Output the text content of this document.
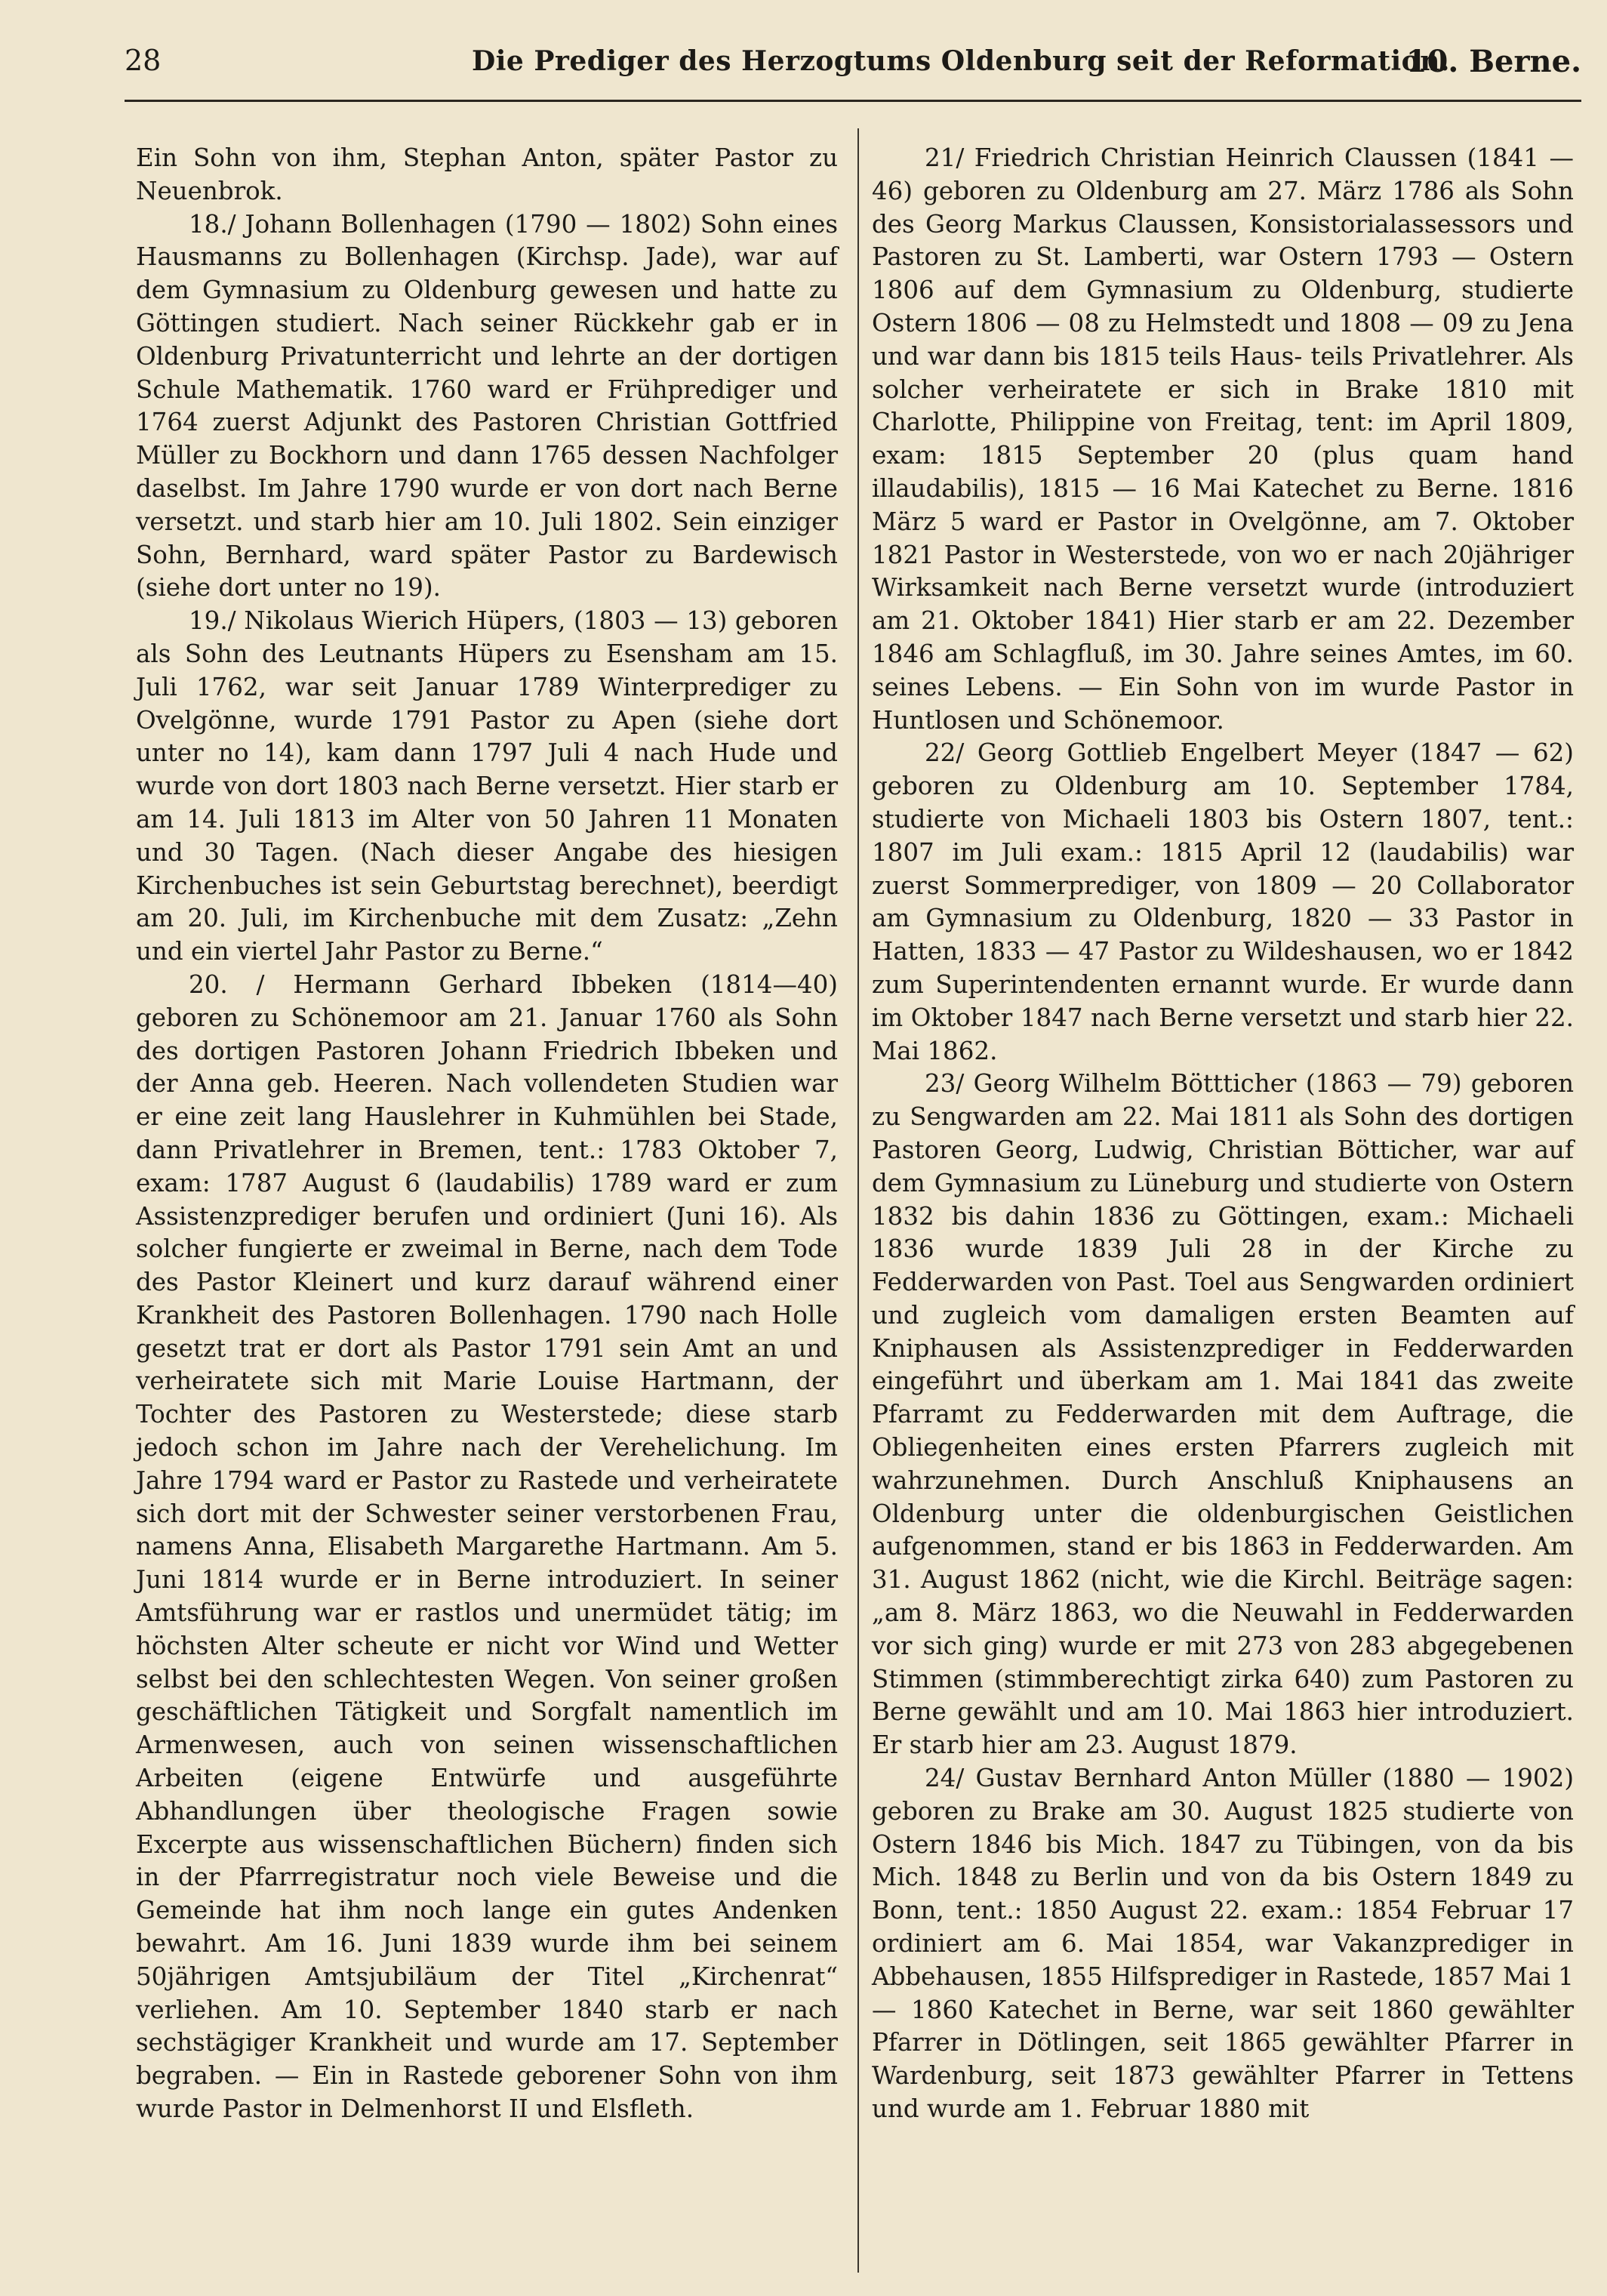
28	Die Prediger des Herzogtums Oldenburg seit der Reformation.
10. Berne.

Ein Sohn von ihm, Stephan Anton, später Pastor zu Neuenbrok.

18./ Johann Bollenhagen (1790 — 1802) Sohn eines Hausmanns zu Bollenhagen (Kirchsp. Jade), war auf dem Gymnasium zu Oldenburg gewesen und hatte zu Göttingen studiert. Nach seiner Rückkehr gab er in Oldenburg Privatunterricht und lehrte an der dortigen Schule Mathematik. 1760 ward er Frühprediger und 1764 zuerst Adjunkt des Pastoren Christian Gottfried Müller zu Bockhorn und dann 1765 dessen Nachfolger daselbst. Im Jahre 1790 wurde er von dort nach Berne versetzt. und starb hier am 10. Juli 1802. Sein einziger Sohn, Bernhard, ward später Pastor zu Bardewisch (siehe dort unter no 19).

19./ Nikolaus Wierich Hüpers, (1803 — 13) geboren als Sohn des Leutnants Hüpers zu Esensham am 15. Juli 1762, war seit Januar 1789 Winterprediger zu Ovelgönne, wurde 1791 Pastor zu Apen (siehe dort unter no 14), kam dann 1797 Juli 4 nach Hude und wurde von dort 1803 nach Berne versetzt. Hier starb er am 14. Juli 1813 im Alter von 50 Jahren 11 Monaten und 30 Tagen. (Nach dieser Angabe des hiesigen Kirchenbuches ist sein Geburtstag berechnet), beerdigt am 20. Juli, im Kirchenbuche mit dem Zusatz: „Zehn und ein viertel Jahr Pastor zu Berne.“

20. / Hermann Gerhard Ibbeken (1814—40) geboren zu Schönemoor am 21. Januar 1760 als Sohn des dortigen Pastoren Johann Friedrich Ibbeken und der Anna geb. Heeren. Nach vollendeten Studien war er eine zeit lang Hauslehrer in Kuhmühlen bei Stade, dann Privatlehrer in Bremen, tent.: 1783 Oktober 7, exam: 1787 August 6 (laudabilis) 1789 ward er zum Assistenzprediger berufen und ordiniert (Juni 16). Als solcher fungierte er zweimal in Berne, nach dem Tode des Pastor Kleinert und kurz darauf während einer Krankheit des Pastoren Bollenhagen. 1790 nach Holle gesetzt trat er dort als Pastor 1791 sein Amt an und verheiratete sich mit Marie Louise Hartmann, der Tochter des Pastoren zu Westerstede; diese starb jedoch schon im Jahre nach der Verehelichung. Im Jahre 1794 ward er Pastor zu Rastede und verheiratete sich dort mit der Schwester seiner verstorbenen Frau, namens Anna, Elisabeth Margarethe Hartmann. Am 5. Juni 1814 wurde er in Berne introduziert. In seiner Amtsführung war er rastlos und unermüdet tätig; im höchsten Alter scheute er nicht vor Wind und Wetter selbst bei den schlechtesten Wegen. Von seiner großen geschäftlichen Tätigkeit und Sorgfalt namentlich im Armenwesen, auch von seinen wissenschaftlichen Arbeiten (eigene Entwürfe und ausgeführte Abhandlungen über theologische Fragen sowie Excerpte aus wissenschaftlichen Büchern) finden sich in der Pfarrregistratur noch viele Beweise und die Gemeinde hat ihm noch lange ein gutes Andenken bewahrt. Am 16. Juni 1839 wurde ihm bei seinem 50jährigen Amtsjubiläum der Titel „Kirchenrat“ verliehen. Am 10. September 1840 starb er nach sechstägiger Krankheit und wurde am 17. September begraben. — Ein in Rastede geborener Sohn von ihm wurde Pastor in Delmenhorst II und Elsfleth.

21/ Friedrich Christian Heinrich Claussen (1841 — 46) geboren zu Oldenburg am 27. März 1786 als Sohn des Georg Markus Claussen, Konsistorialassessors und Pastoren zu St. Lamberti, war Ostern 1793 — Ostern 1806 auf dem Gymnasium zu Oldenburg, studierte Ostern 1806 — 08 zu Helmstedt und 1808 — 09 zu Jena und war dann bis 1815 teils Haus- teils Privatlehrer. Als solcher verheiratete er sich in Brake 1810 mit Charlotte, Philippine von Freitag, tent: im April 1809, exam: 1815 September 20 (plus quam hand illaudabilis), 1815 — 16 Mai Katechet zu Berne. 1816 März 5 ward er Pastor in Ovelgönne, am 7. Oktober 1821 Pastor in Westerstede, von wo er nach 20jähriger Wirksamkeit nach Berne versetzt wurde (introduziert am 21. Oktober 1841) Hier starb er am 22. Dezember 1846 am Schlagfluß, im 30. Jahre seines Amtes, im 60. seines Lebens. — Ein Sohn von im wurde Pastor in Huntlosen und Schönemoor.

22/ Georg Gottlieb Engelbert Meyer (1847 — 62) geboren zu Oldenburg am 10. September 1784, studierte von Michaeli 1803 bis Ostern 1807, tent.: 1807 im Juli exam.: 1815 April 12 (laudabilis) war zuerst Sommerprediger, von 1809 — 20 Collaborator am Gymnasium zu Oldenburg, 1820 — 33 Pastor in Hatten, 1833 — 47 Pastor zu Wildeshausen, wo er 1842 zum Superintendenten ernannt wurde. Er wurde dann im Oktober 1847 nach Berne versetzt und starb hier 22. Mai 1862.

23/ Georg Wilhelm Böttticher (1863 — 79) geboren zu Sengwarden am 22. Mai 1811 als Sohn des dortigen Pastoren Georg, Ludwig, Christian Bötticher, war auf dem Gymnasium zu Lüneburg und studierte von Ostern 1832 bis dahin 1836 zu Göttingen, exam.: Michaeli 1836 wurde 1839 Juli 28 in der Kirche zu Fedderwarden von Past. Toel aus Sengwarden ordiniert und zugleich vom damaligen ersten Beamten auf Kniphausen als Assistenzprediger in Fedderwarden eingeführt und überkam am 1. Mai 1841 das zweite Pfarramt zu Fedderwarden mit dem Auftrage, die Obliegenheiten eines ersten Pfarrers zugleich mit wahrzunehmen. Durch Anschluß Kniphausens an Oldenburg unter die oldenburgischen Geistlichen aufgenommen, stand er bis 1863 in Fedderwarden. Am 31. August 1862 (nicht, wie die Kirchl. Beiträge sagen: „am 8. März 1863, wo die Neuwahl in Fedderwarden vor sich ging) wurde er mit 273 von 283 abgegebenen Stimmen (stimmberechtigt zirka 640) zum Pastoren zu Berne gewählt und am 10. Mai 1863 hier introduziert. Er starb hier am 23. August 1879.

24/ Gustav Bernhard Anton Müller (1880 — 1902) geboren zu Brake am 30. August 1825 studierte von Ostern 1846 bis Mich. 1847 zu Tübingen, von da bis Mich. 1848 zu Berlin und von da bis Ostern 1849 zu Bonn, tent.: 1850 August 22. exam.: 1854 Februar 17 ordiniert am 6. Mai 1854, war Vakanzprediger in Abbehausen, 1855 Hilfsprediger in Rastede, 1857 Mai 1 — 1860 Katechet in Berne, war seit 1860 gewählter Pfarrer in Dötlingen, seit 1865 gewählter Pfarrer in Wardenburg, seit 1873 gewählter Pfarrer in Tettens und wurde am 1. Februar 1880 mit
